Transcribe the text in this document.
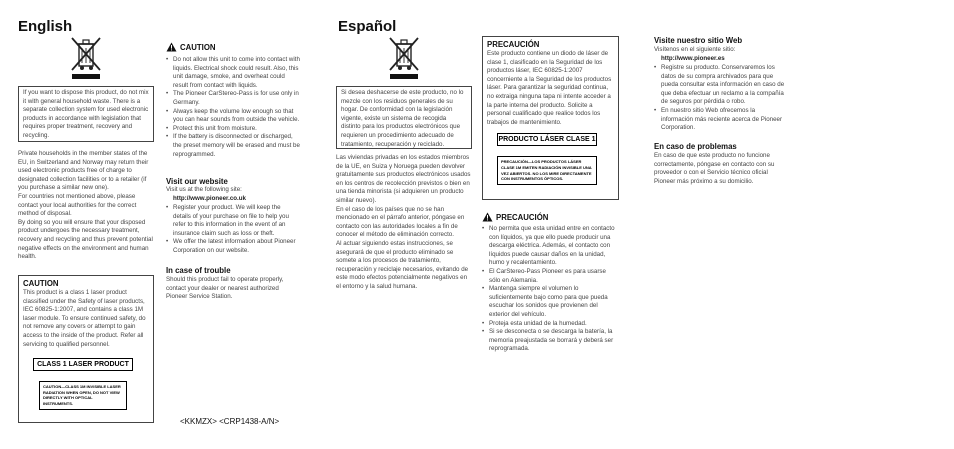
English
If you want to dispose this product, do not mix it with general household waste. There is a separate collection system for used electronic products in accordance with legislation that requires proper treatment, recovery and recycling.
Private households in the member states of the EU, in Switzerland and Norway may return their used electronic products free of charge to designated collection facilities or to a retailer (if you purchase a similar new one).
For countries not mentioned above, please contact your local authorities for the correct method of disposal.
By doing so you will ensure that your disposed product undergoes the necessary treatment, recovery and recycling and thus prevent potential negative effects on the environment and human health.
CAUTION
This product is a class 1 laser product classified under the Safety of laser products, IEC 60825-1:2007, and contains a class 1M laser module. To ensure continued safety, do not remove any covers or attempt to gain access to the inside of the product. Refer all servicing to qualified personnel.
CLASS 1 LASER PRODUCT
CAUTION—CLASS 1M INVISIBLE LASER RADIATION WHEN OPEN, DO NOT VIEW DIRECTLY WITH OPTICAL INSTRUMENTS.
CAUTION
• Do not allow this unit to come into contact with liquids. Electrical shock could result. Also, this unit damage, smoke, and overheat could result from contact with liquids.
• The Pioneer CarStereo-Pass is for use only in Germany.
• Always keep the volume low enough so that you can hear sounds from outside the vehicle.
• Protect this unit from moisture.
• If the battery is disconnected or discharged, the preset memory will be erased and must be reprogrammed.
Visit our website
Visit us at the following site:
http://www.pioneer.co.uk
• Register your product. We will keep the details of your purchase on file to help you refer to this information in the event of an insurance claim such as loss or theft.
• We offer the latest information about Pioneer Corporation on our website.
In case of trouble
Should this product fail to operate properly, contact your dealer or nearest authorized Pioneer Service Station.
<KKMZX> <CRP1438-A/N>
Español
Si desea deshacerse de este producto, no lo mezcle con los residuos generales de su hogar. De conformidad con la legislación vigente, existe un sistema de recogida distinto para los productos electrónicos que requieren un procedimiento adecuado de tratamiento, recuperación y reciclado.
Las viviendas privadas en los estados miembros de la UE, en Suiza y Noruega pueden devolver gratuitamente sus productos electrónicos usados en los centros de recolección previstos o bien en una tienda minorista (si adquieren un producto similar nuevo).
En el caso de los países que no se han mencionado en el párrafo anterior, póngase en contacto con las autoridades locales a fin de conocer el método de eliminación correcto.
Al actuar siguiendo estas instrucciones, se asegurará de que el producto eliminado se somete a los procesos de tratamiento, recuperación y reciclaje necesarios, evitando de este modo efectos potencialmente negativos en el entorno y la salud humana.
PRECAUCIÓN
Este producto contiene un diodo de láser de clase 1, clasificado en la Seguridad de los productos láser, IEC 60825-1:2007 concerniente a la Seguridad de los productos láser. Para garantizar la seguridad continua, no extraiga ninguna tapa ni intente acceder a la parte interna del producto. Solicite a personal cualificado que realice todos los trabajos de mantenimiento.
PRODUCTO LÁSER CLASE 1
PRECAUCIÓN—LOS PRODUCTOS LÁSER CLASE 1M EMITEN RADIACIÓN INVISIBLE UNA VEZ ABIERTOS. NO LOS MIRE DIRECTAMENTE CON INSTRUMENTOS ÓPTICOS.
PRECAUCIÓN
• No permita que esta unidad entre en contacto con líquidos, ya que ello puede producir una descarga eléctrica. Además, el contacto con líquidos puede causar daños en la unidad, humo y recalentamiento.
• El CarStereo-Pass Pioneer es para usarse sólo en Alemania.
• Mantenga siempre el volumen lo suficientemente bajo como para que pueda escuchar los sonidos que provienen del exterior del vehículo.
• Proteja esta unidad de la humedad.
• Si se desconecta o se descarga la batería, la memoria preajustada se borrará y deberá ser reprogramada.
Visite nuestro sitio Web
Visítenos en el siguiente sitio:
http://www.pioneer.es
• Registre su producto. Conservaremos los datos de su compra archivados para que pueda consultar esta información en caso de que deba efectuar un reclamo a la compañía de seguros por pérdida o robo.
• En nuestro sitio Web ofrecemos la información más reciente acerca de Pioneer Corporation.
En caso de problemas
En caso de que este producto no funcione correctamente, póngase en contacto con su proveedor o con el Servicio técnico oficial Pioneer más próximo a su domicilio.
